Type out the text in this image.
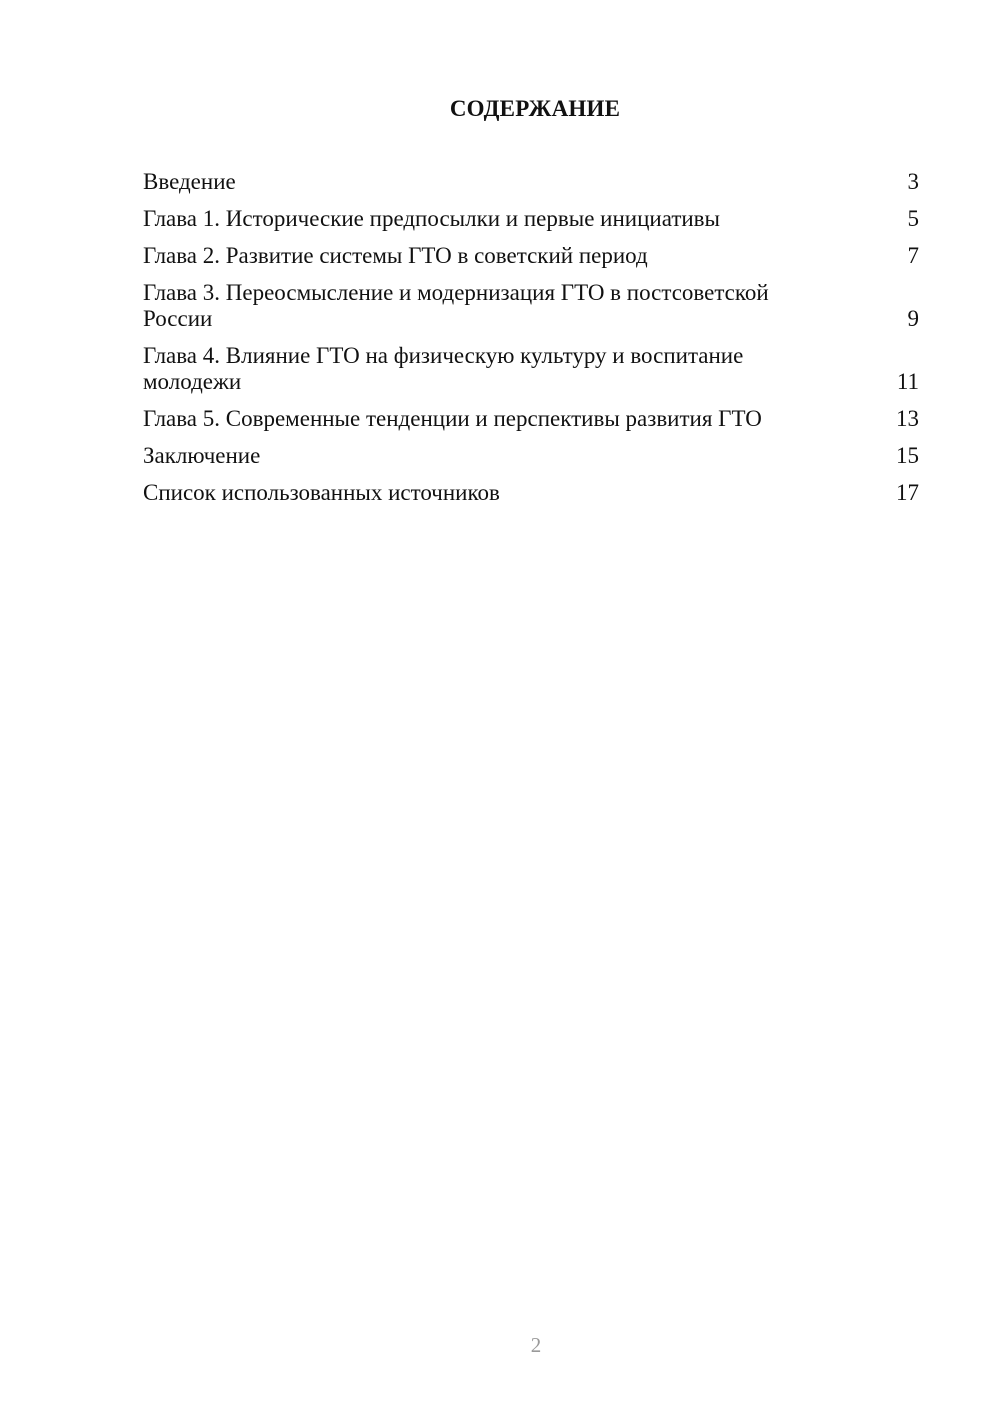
СОДЕРЖАНИЕ
Введение	3
Глава 1. Исторические предпосылки и первые инициативы	5
Глава 2. Развитие системы ГТО в советский период	7
Глава 3. Переосмысление и модернизация ГТО в постсоветской России	9
Глава 4. Влияние ГТО на физическую культуру и воспитание молодежи	11
Глава 5. Современные тенденции и перспективы развития ГТО	13
Заключение	15
Список использованных источников	17
2
